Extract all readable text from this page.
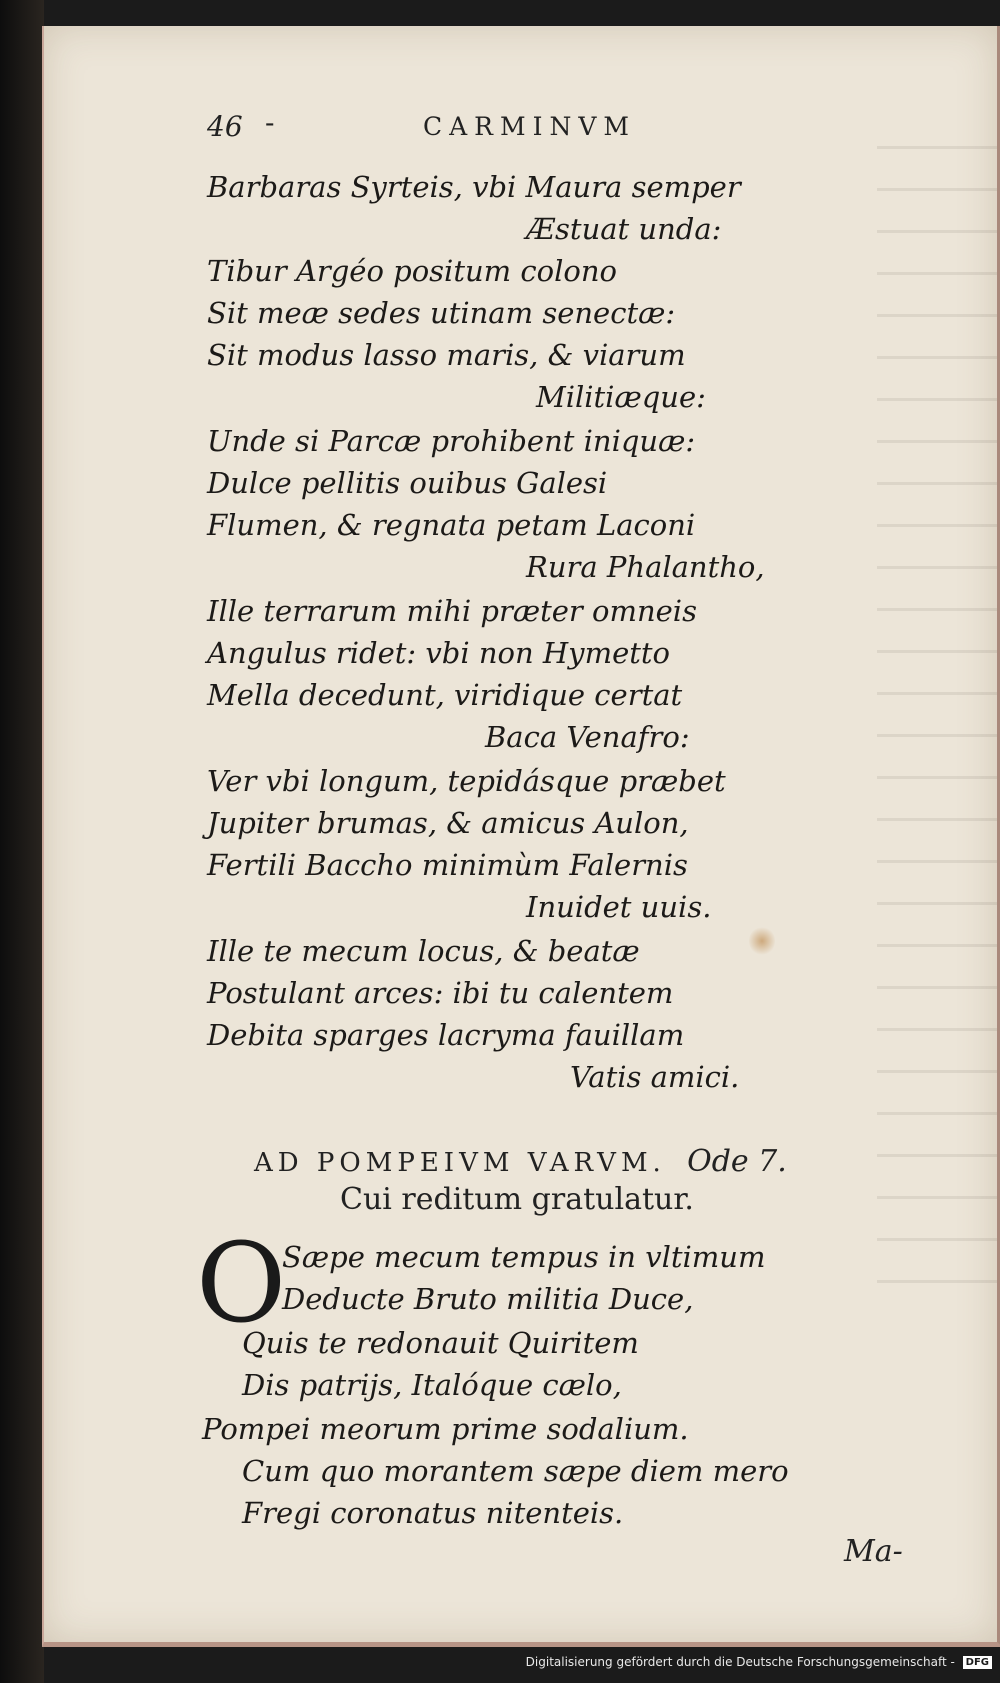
46 -	CARMINVM
Barbaras Syrteis, vbi Maura semper
Æstuat unda:
Tibur Argéo positum colono
Sit meæ sedes utinam senectæ:
Sit modus lasso maris, & viarum
Militiæque:
Unde si Parcæ prohibent iniquæ:
Dulce pellitis ouibus Galesi
Flumen, & regnata petam Laconi
Rura Phalantho,
Ille terrarum mihi præter omneis
Angulus ridet: vbi non Hymetto
Mella decedunt, viridique certat
Baca Venafro:
Ver vbi longum, tepidásque præbet
Jupiter brumas, & amicus Aulon,
Fertili Baccho minimùm Falernis
Inuidet uuis.
Ille te mecum locus, & beatæ
Postulant arces: ibi tu calentem
Debita sparges lacryma fauillam
Vatis amici.
AD POMPEIVM VARVM. Ode 7.
Cui reditum gratulatur.
O
Sæpe mecum tempus in vltimum
Deducte Bruto militia Duce,
Quis te redonauit Quiritem
Dis patrijs, Italóque cælo,
Pompei meorum prime sodalium.
Cum quo morantem sæpe diem mero
Fregi coronatus nitenteis.
Ma-
Digitalisierung gefördert durch die Deutsche Forschungsgemeinschaft - DFG
